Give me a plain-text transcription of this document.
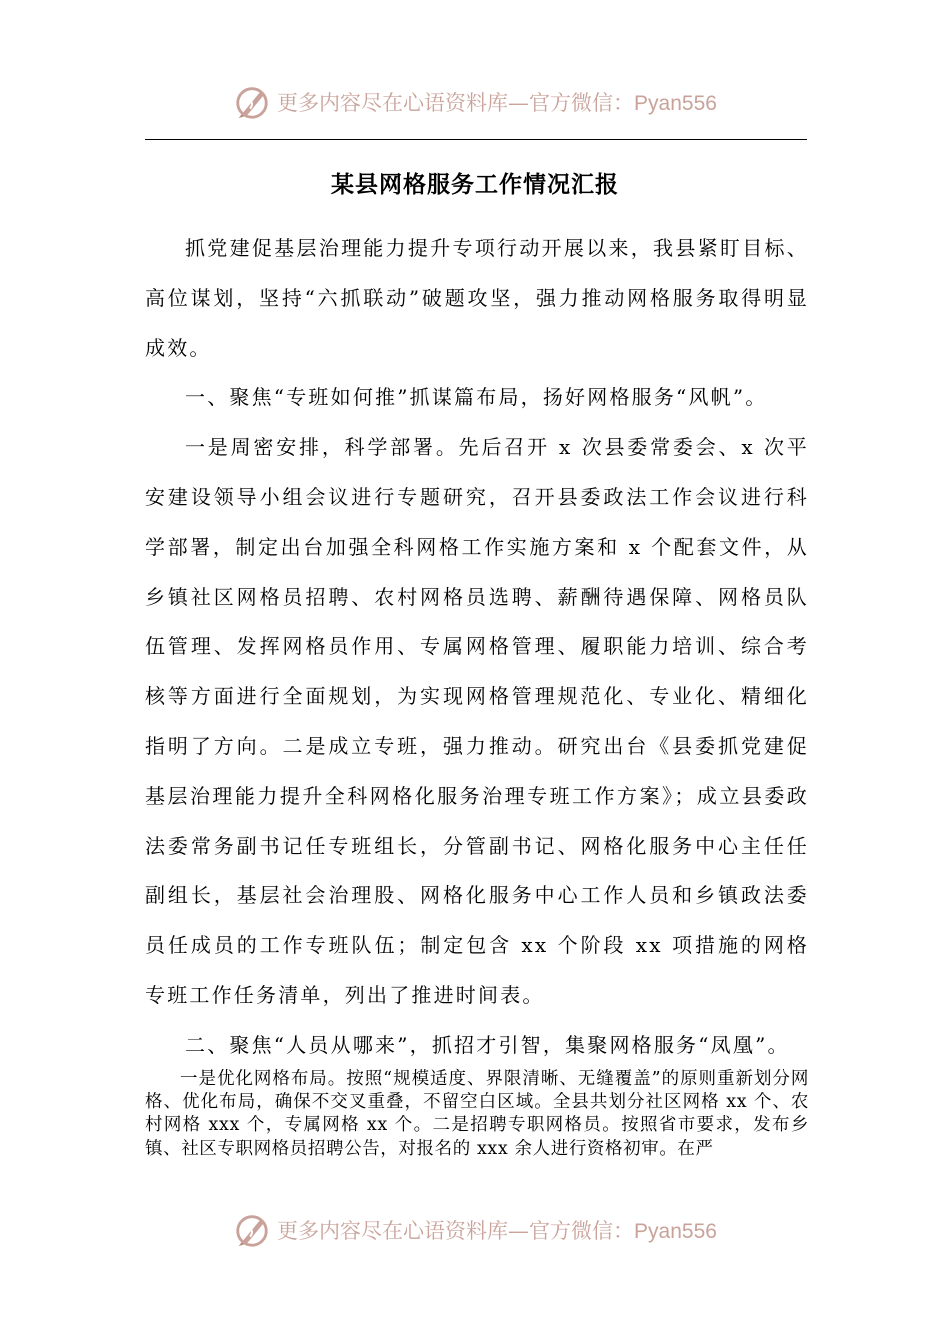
更多内容尽在心语资料库—官方微信：Pyan556
某县网格服务工作情况汇报

抓党建促基层治理能力提升专项行动开展以来，我县紧盯目标、高位谋划，坚持“六抓联动”破题攻坚，强力推动网格服务取得明显成效。

一、聚焦“专班如何推”抓谋篇布局，扬好网格服务“风帆”。

一是周密安排，科学部署。先后召开 x 次县委常委会、x 次平安建设领导小组会议进行专题研究，召开县委政法工作会议进行科学部署，制定出台加强全科网格工作实施方案和 x 个配套文件，从乡镇社区网格员招聘、农村网格员选聘、薪酬待遇保障、网格员队伍管理、发挥网格员作用、专属网格管理、履职能力培训、综合考核等方面进行全面规划，为实现网格管理规范化、专业化、精细化指明了方向。二是成立专班，强力推动。研究出台《县委抓党建促基层治理能力提升全科网格化服务治理专班工作方案》；成立县委政法委常务副书记任专班组长，分管副书记、网格化服务中心主任任副组长，基层社会治理股、网格化服务中心工作人员和乡镇政法委员任成员的工作专班队伍；制定包含 xx 个阶段 xx 项措施的网格专班工作任务清单，列出了推进时间表。

二、聚焦“人员从哪来”，抓招才引智，集聚网格服务“凤凰”。

一是优化网格布局。按照“规模适度、界限清晰、无缝覆盖”的原则重新划分网格、优化布局，确保不交叉重叠，不留空白区域。全县共划分社区网格 xx 个、农村网格 xxx 个，专属网格 xx 个。二是招聘专职网格员。按照省市要求，发布乡镇、社区专职网格员招聘公告，对报名的 xxx 余人进行资格初审。在严

更多内容尽在心语资料库—官方微信：Pyan556
